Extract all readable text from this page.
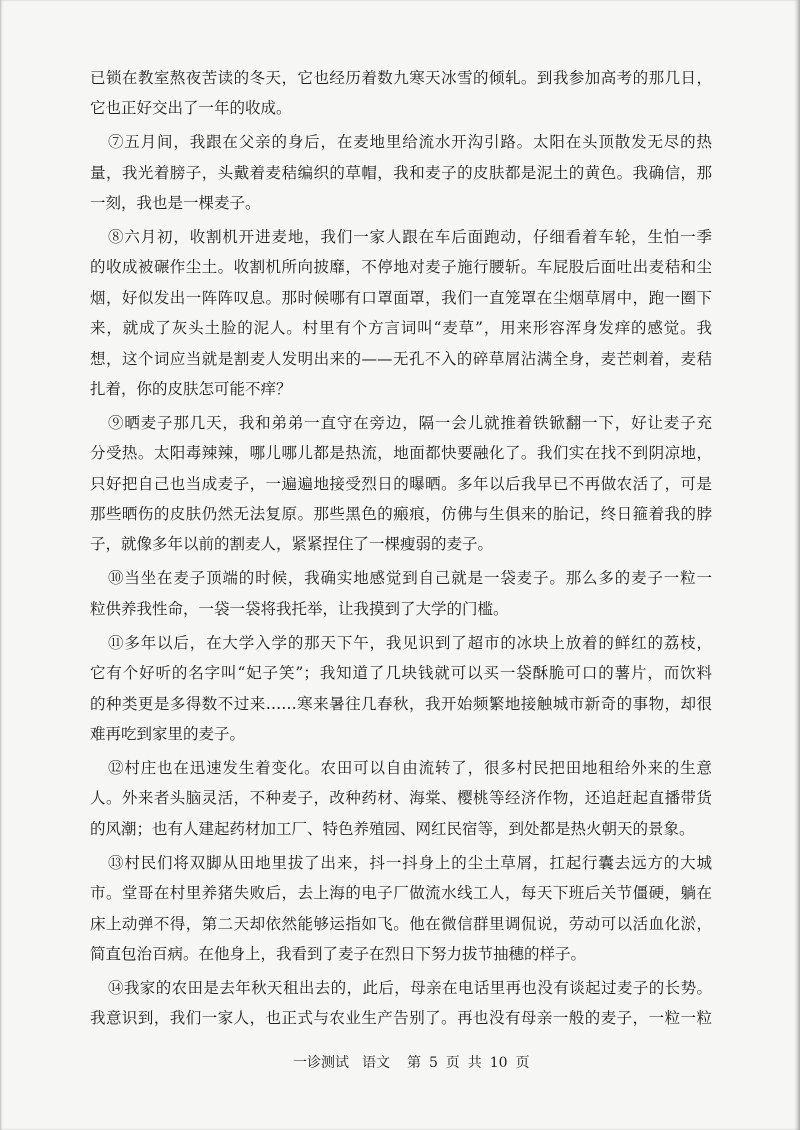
已锁在教室熬夜苦读的冬天，它也经历着数九寒天冰雪的倾轧。到我参加高考的那几日，
它也正好交出了一年的收成。
⑦五月间，我跟在父亲的身后，在麦地里给流水开沟引路。太阳在头顶散发无尽的热
量，我光着膀子，头戴着麦秸编织的草帽，我和麦子的皮肤都是泥土的黄色。我确信，那
一刻，我也是一棵麦子。
⑧六月初，收割机开进麦地，我们一家人跟在车后面跑动，仔细看着车轮，生怕一季
的收成被碾作尘土。收割机所向披靡，不停地对麦子施行腰斩。车屁股后面吐出麦秸和尘
烟，好似发出一阵阵叹息。那时候哪有口罩面罩，我们一直笼罩在尘烟草屑中，跑一圈下
来，就成了灰头土脸的泥人。村里有个方言词叫“麦草”，用来形容浑身发痒的感觉。我
想，这个词应当就是割麦人发明出来的——无孔不入的碎草屑沾满全身，麦芒刺着，麦秸
扎着，你的皮肤怎可能不痒？
⑨晒麦子那几天，我和弟弟一直守在旁边，隔一会儿就推着铁锨翻一下，好让麦子充
分受热。太阳毒辣辣，哪儿哪儿都是热流，地面都快要融化了。我们实在找不到阴凉地，
只好把自己也当成麦子，一遍遍地接受烈日的曝晒。多年以后我早已不再做农活了，可是
那些晒伤的皮肤仍然无法复原。那些黑色的瘢痕，仿佛与生俱来的胎记，终日箍着我的脖
子，就像多年以前的割麦人，紧紧捏住了一棵瘦弱的麦子。
⑩当坐在麦子顶端的时候，我确实地感觉到自己就是一袋麦子。那么多的麦子一粒一
粒供养我性命，一袋一袋将我托举，让我摸到了大学的门槛。
⑪多年以后，在大学入学的那天下午，我见识到了超市的冰块上放着的鲜红的荔枝，
它有个好听的名字叫“妃子笑”；我知道了几块钱就可以买一袋酥脆可口的薯片，而饮料
的种类更是多得数不过来……寒来暑往几春秋，我开始频繁地接触城市新奇的事物，却很
难再吃到家里的麦子。
⑫村庄也在迅速发生着变化。农田可以自由流转了，很多村民把田地租给外来的生意
人。外来者头脑灵活，不种麦子，改种药材、海棠、樱桃等经济作物，还追赶起直播带货
的风潮；也有人建起药材加工厂、特色养殖园、网红民宿等，到处都是热火朝天的景象。
⑬村民们将双脚从田地里拔了出来，抖一抖身上的尘土草屑，扛起行囊去远方的大城
市。堂哥在村里养猪失败后，去上海的电子厂做流水线工人，每天下班后关节僵硬，躺在
床上动弹不得，第二天却依然能够运指如飞。他在微信群里调侃说，劳动可以活血化淤，
简直包治百病。在他身上，我看到了麦子在烈日下努力拔节抽穗的样子。
⑭我家的农田是去年秋天租出去的，此后，母亲在电话里再也没有谈起过麦子的长势。
我意识到，我们一家人，也正式与农业生产告别了。再也没有母亲一般的麦子，一粒一粒
一诊测试 语文 第 5 页 共 10 页
